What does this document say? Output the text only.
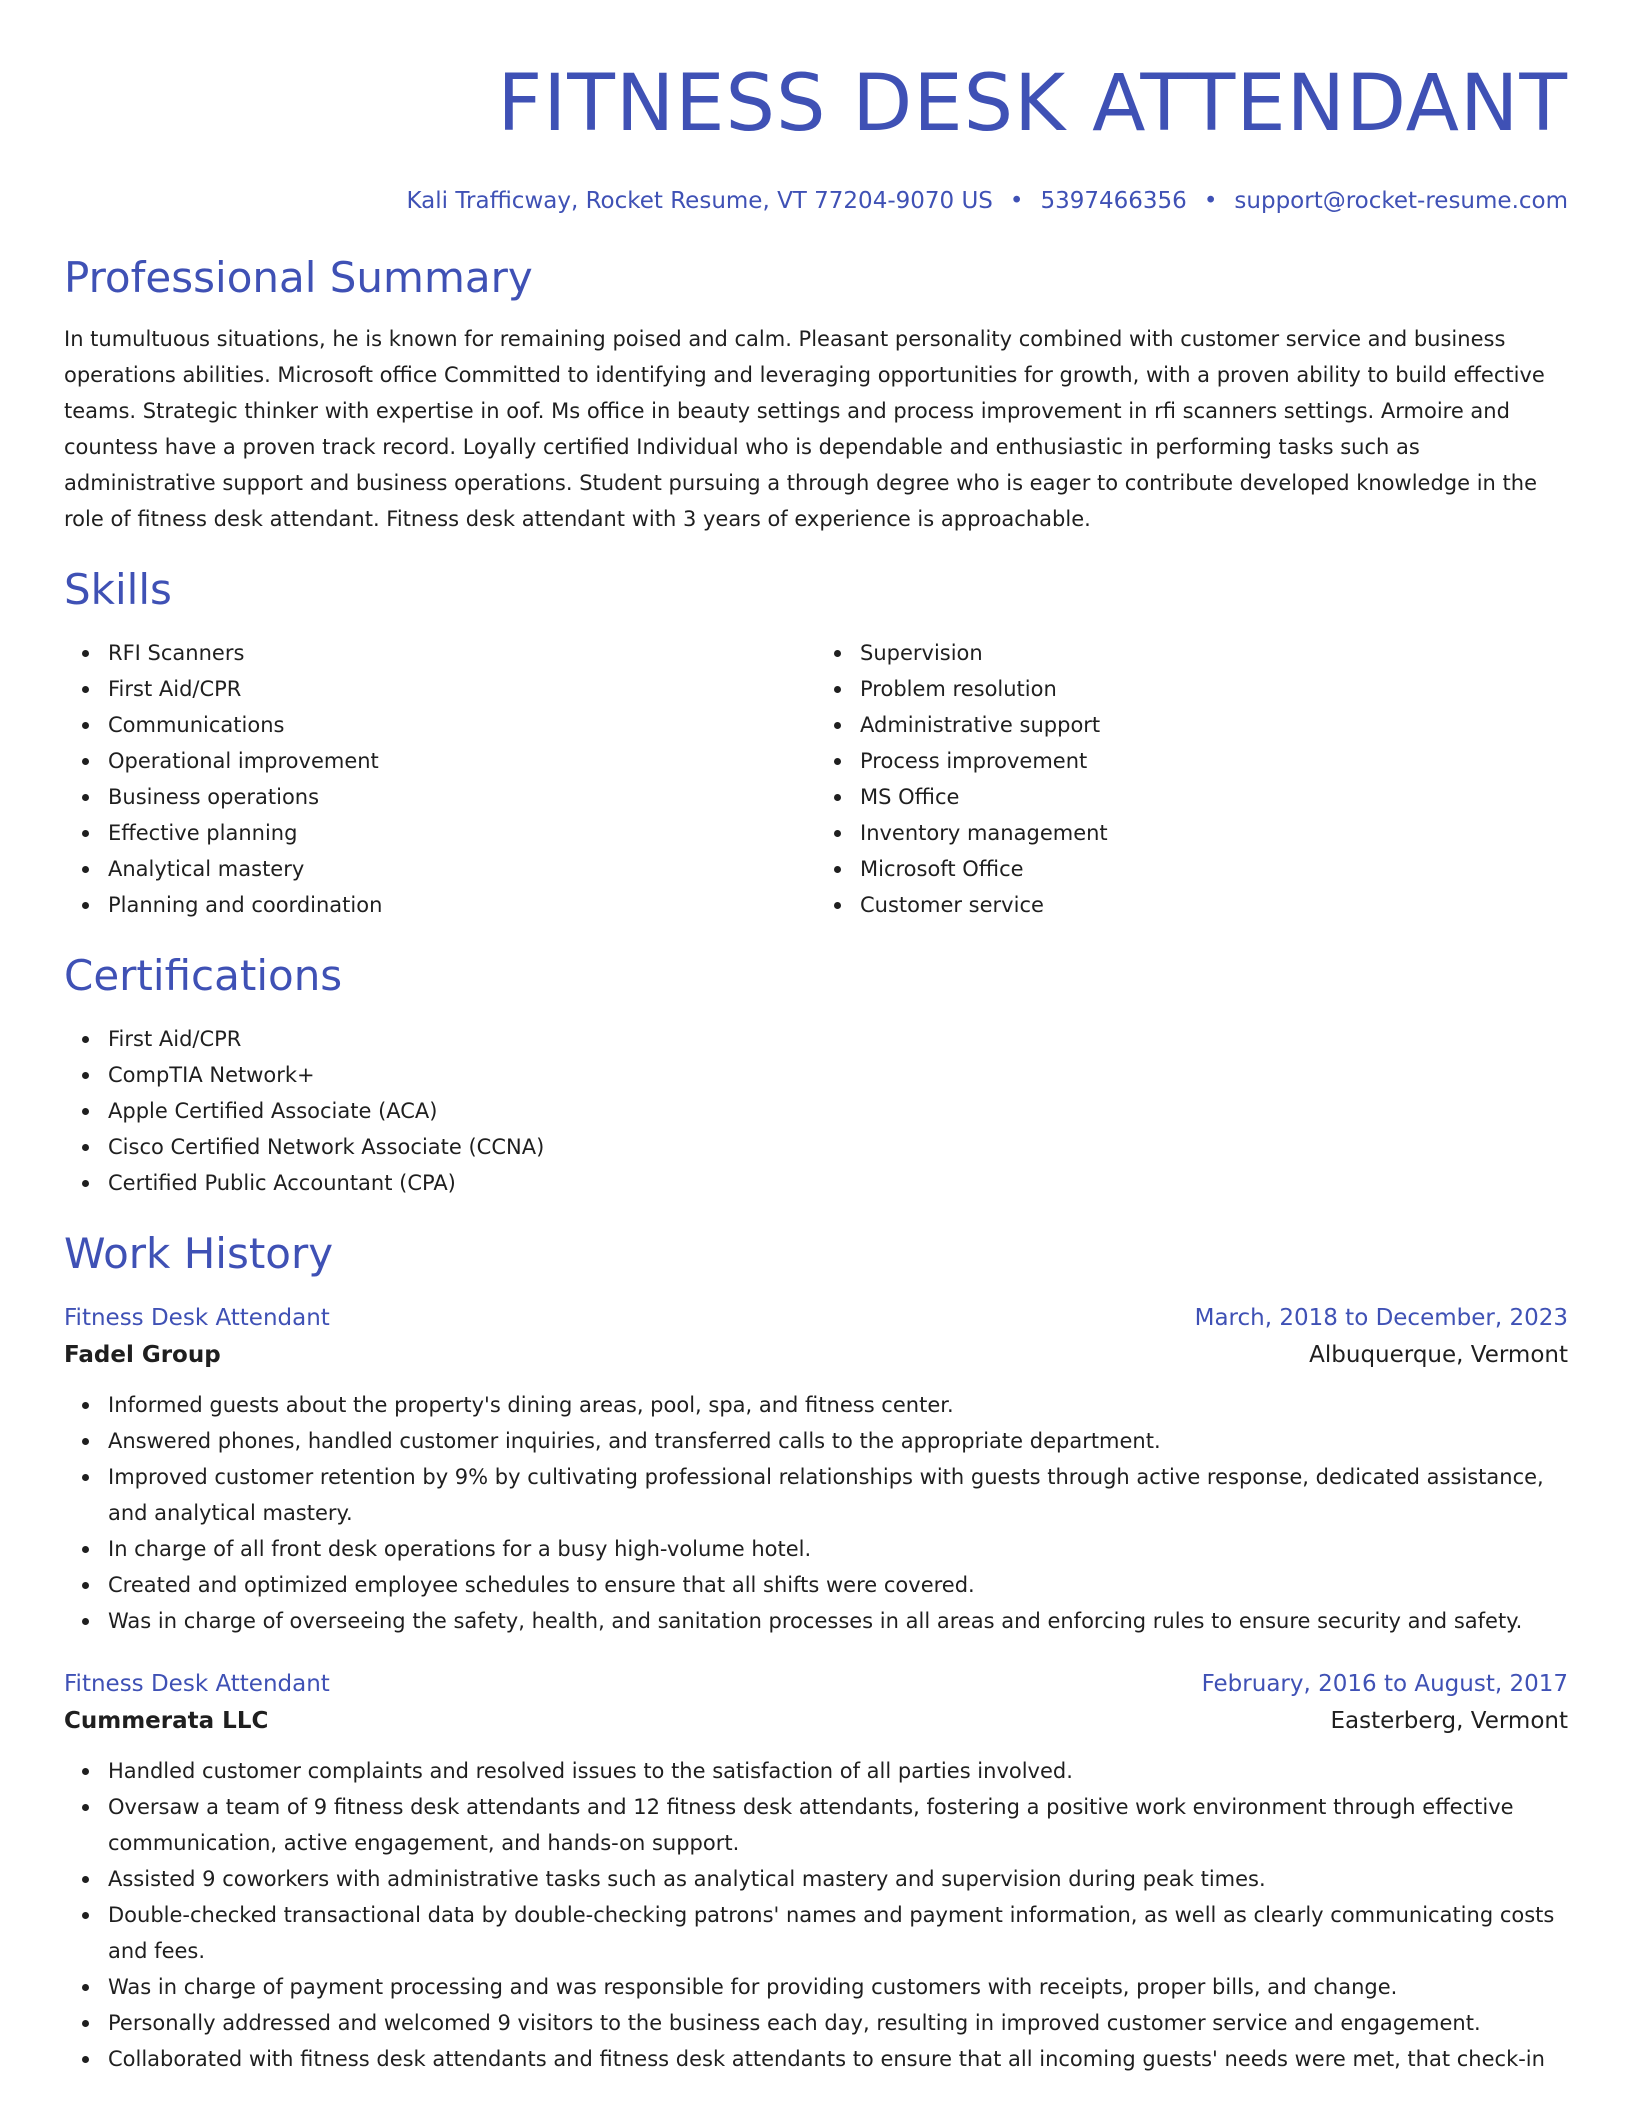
FITNESS DESK ATTENDANT
Kali Trafficway, Rocket Resume, VT 77204-9070 US • 5397466356 • support@rocket-resume.com
Professional Summary
In tumultuous situations, he is known for remaining poised and calm. Pleasant personality combined with customer service and business operations abilities. Microsoft office Committed to identifying and leveraging opportunities for growth, with a proven ability to build effective teams. Strategic thinker with expertise in oof. Ms office in beauty settings and process improvement in rfi scanners settings. Armoire and countess have a proven track record. Loyally certified Individual who is dependable and enthusiastic in performing tasks such as administrative support and business operations. Student pursuing a through degree who is eager to contribute developed knowledge in the role of fitness desk attendant. Fitness desk attendant with 3 years of experience is approachable.
Skills
RFI Scanners
First Aid/CPR
Communications
Operational improvement
Business operations
Effective planning
Analytical mastery
Planning and coordination
Supervision
Problem resolution
Administrative support
Process improvement
MS Office
Inventory management
Microsoft Office
Customer service
Certifications
First Aid/CPR
CompTIA Network+
Apple Certified Associate (ACA)
Cisco Certified Network Associate (CCNA)
Certified Public Accountant (CPA)
Work History
Fitness Desk Attendant	March, 2018 to December, 2023
Fadel Group	Albuquerque, Vermont
Informed guests about the property's dining areas, pool, spa, and fitness center.
Answered phones, handled customer inquiries, and transferred calls to the appropriate department.
Improved customer retention by 9% by cultivating professional relationships with guests through active response, dedicated assistance, and analytical mastery.
In charge of all front desk operations for a busy high-volume hotel.
Created and optimized employee schedules to ensure that all shifts were covered.
Was in charge of overseeing the safety, health, and sanitation processes in all areas and enforcing rules to ensure security and safety.
Fitness Desk Attendant	February, 2016 to August, 2017
Cummerata LLC	Easterberg, Vermont
Handled customer complaints and resolved issues to the satisfaction of all parties involved.
Oversaw a team of 9 fitness desk attendants and 12 fitness desk attendants, fostering a positive work environment through effective communication, active engagement, and hands-on support.
Assisted 9 coworkers with administrative tasks such as analytical mastery and supervision during peak times.
Double-checked transactional data by double-checking patrons' names and payment information, as well as clearly communicating costs and fees.
Was in charge of payment processing and was responsible for providing customers with receipts, proper bills, and change.
Personally addressed and welcomed 9 visitors to the business each day, resulting in improved customer service and engagement.
Collaborated with fitness desk attendants and fitness desk attendants to ensure that all incoming guests' needs were met, that check-in
